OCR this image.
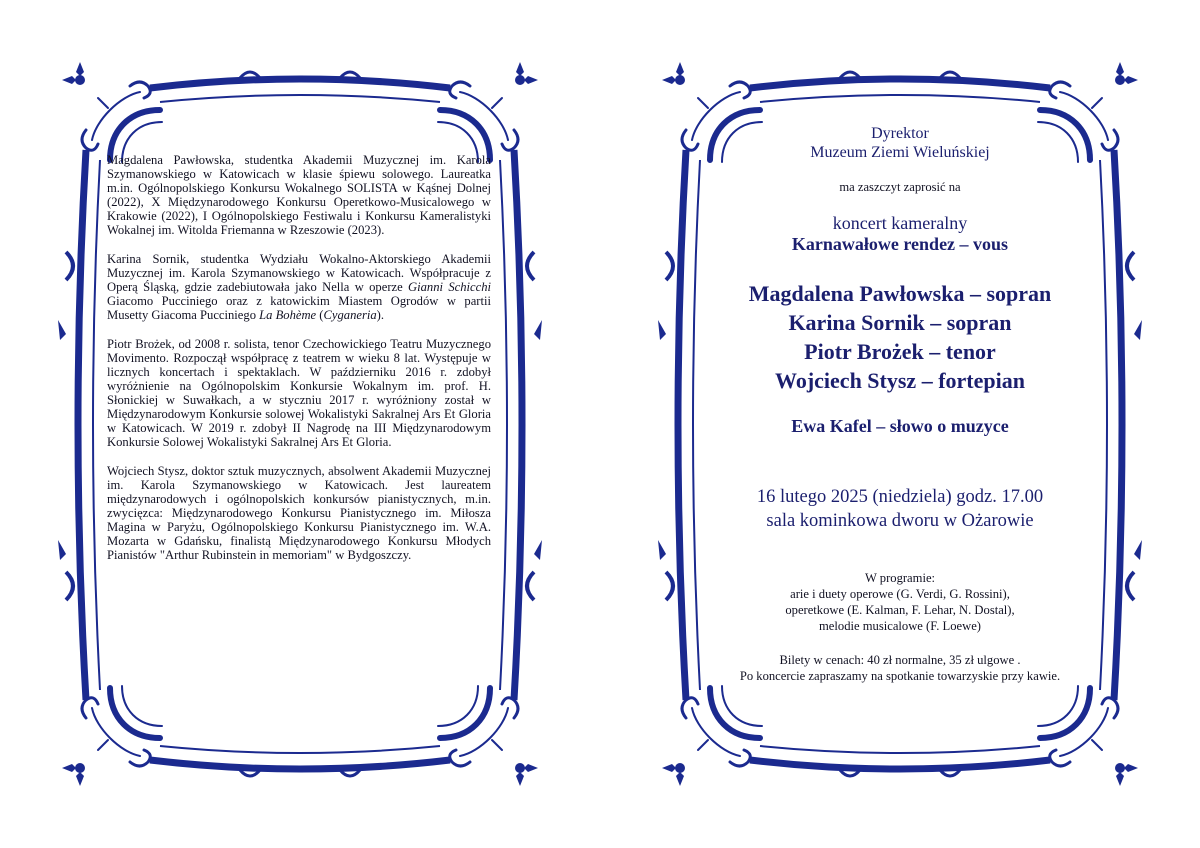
Magdalena Pawłowska, studentka Akademii Muzycznej im. Karola Szymanowskiego w Katowicach w klasie śpiewu solowego. Laureatka m.in. Ogólnopolskiego Konkursu Wokalnego SOLISTA w Kąśnej Dolnej (2022), X Międzynarodowego Konkursu Operetkowo-Musicalowego w Krakowie (2022), I Ogólnopolskiego Festiwalu i Konkursu Kameralistyki Wokalnej im. Witolda Friemanna w Rzeszowie (2023).

Karina Sornik, studentka Wydziału Wokalno-Aktorskiego Akademii Muzycznej im. Karola Szymanowskiego w Katowicach. Współpracuje z Operą Śląską, gdzie zadebiutowała jako Nella w operze Gianni Schicchi Giacomo Pucciniego oraz z katowickim Miastem Ogrodów w partii Musetty Giacoma Pucciniego La Bohème (Cyganeria).

Piotr Brożek, od 2008 r. solista, tenor Czechowickiego Teatru Muzycznego Movimento. Rozpoczął współpracę z teatrem w wieku 8 lat. Występuje w licznych koncertach i spektaklach. W październiku 2016 r. zdobył wyróżnienie na Ogólnopolskim Konkursie Wokalnym im. prof. H. Słonickiej w Suwałkach, a w styczniu 2017 r. wyróżniony został w Międzynarodowym Konkursie solowej Wokalistyki Sakralnej Ars Et Gloria w Katowicach. W 2019 r. zdobył II Nagrodę na III Międzynarodowym Konkursie Solowej Wokalistyki Sakralnej Ars Et Gloria.

Wojciech Stysz, doktor sztuk muzycznych, absolwent Akademii Muzycznej im. Karola Szymanowskiego w Katowicach. Jest laureatem międzynarodowych i ogólnopolskich konkursów pianistycznych, m.in. zwycięzca: Międzynarodowego Konkursu Pianistycznego im. Miłosza Magina w Paryżu, Ogólnopolskiego Konkursu Pianistycznego im. W.A. Mozarta w Gdańsku, finalistą Międzynarodowego Konkursu Młodych Pianistów "Arthur Rubinstein in memoriam" w Bydgoszczy.

Dyrektor
Muzeum Ziemi Wieluńskiej
ma zaszczyt zaprosić na
koncert kameralny
Karnawałowe rendez – vous
Magdalena Pawłowska – sopran
Karina Sornik – sopran
Piotr Brożek – tenor
Wojciech Stysz – fortepian
Ewa Kafel – słowo o muzyce
16 lutego 2025 (niedziela) godz. 17.00
sala kominkowa dworu w Ożarowie
W programie:
arie i duety operowe (G. Verdi, G. Rossini),
operetkowe (E. Kalman, F. Lehar, N. Dostal),
melodie musicalowe (F. Loewe)
Bilety w cenach: 40 zł normalne, 35 zł ulgowe .
Po koncercie zapraszamy na spotkanie towarzyskie przy kawie.
